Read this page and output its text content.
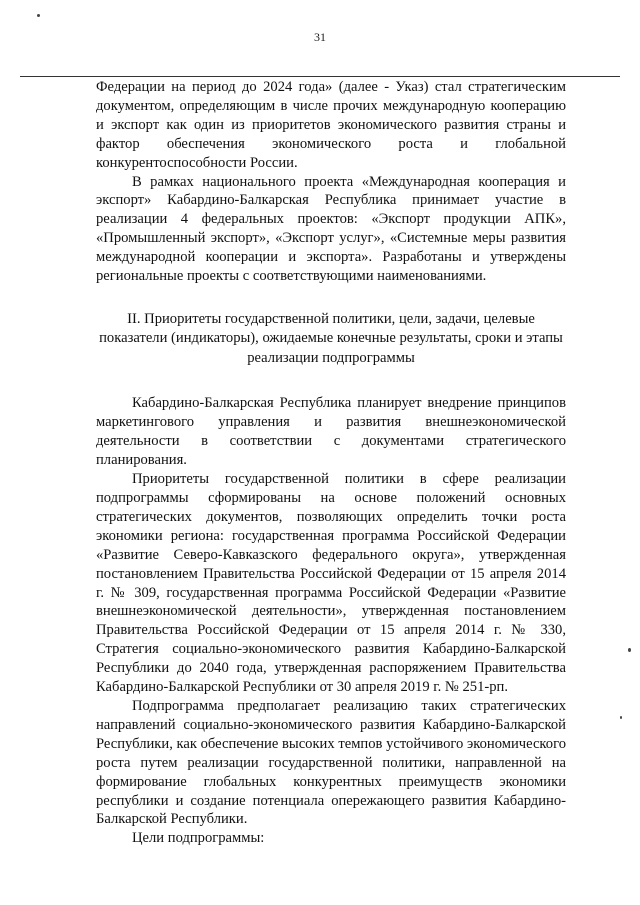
31

Федерации на период до 2024 года» (далее - Указ) стал стратегическим документом, определяющим в числе прочих международную кооперацию и экспорт как один из приоритетов экономического развития страны и фактор обеспечения экономического роста и глобальной конкурентоспособности России.

В рамках национального проекта «Международная кооперация и экспорт» Кабардино-Балкарская Республика принимает участие в реализации 4 федеральных проектов: «Экспорт продукции АПК», «Промышленный экспорт», «Экспорт услуг», «Системные меры развития международной кооперации и экспорта». Разработаны и утверждены региональные проекты с соответствующими наименованиями.

II. Приоритеты государственной политики, цели, задачи, целевые показатели (индикаторы), ожидаемые конечные результаты, сроки и этапы реализации подпрограммы

Кабардино-Балкарская Республика планирует внедрение принципов маркетингового управления и развития внешнеэкономической деятельности в соответствии с документами стратегического планирования.

Приоритеты государственной политики в сфере реализации подпрограммы сформированы на основе положений основных стратегических документов, позволяющих определить точки роста экономики региона: государственная программа Российской Федерации «Развитие Северо-Кавказского федерального округа», утвержденная постановлением Правительства Российской Федерации от 15 апреля 2014 г. № 309, государственная программа Российской Федерации «Развитие внешнеэкономической деятельности», утвержденная постановлением Правительства Российской Федерации от 15 апреля 2014 г. № 330, Стратегия социально-экономического развития Кабардино-Балкарской Республики до 2040 года, утвержденная распоряжением Правительства Кабардино-Балкарской Республики от 30 апреля 2019 г. № 251-рп.

Подпрограмма предполагает реализацию таких стратегических направлений социально-экономического развития Кабардино-Балкарской Республики, как обеспечение высоких темпов устойчивого экономического роста путем реализации государственной политики, направленной на формирование глобальных конкурентных преимуществ экономики республики и создание потенциала опережающего развития Кабардино-Балкарской Республики.

Цели подпрограммы:
